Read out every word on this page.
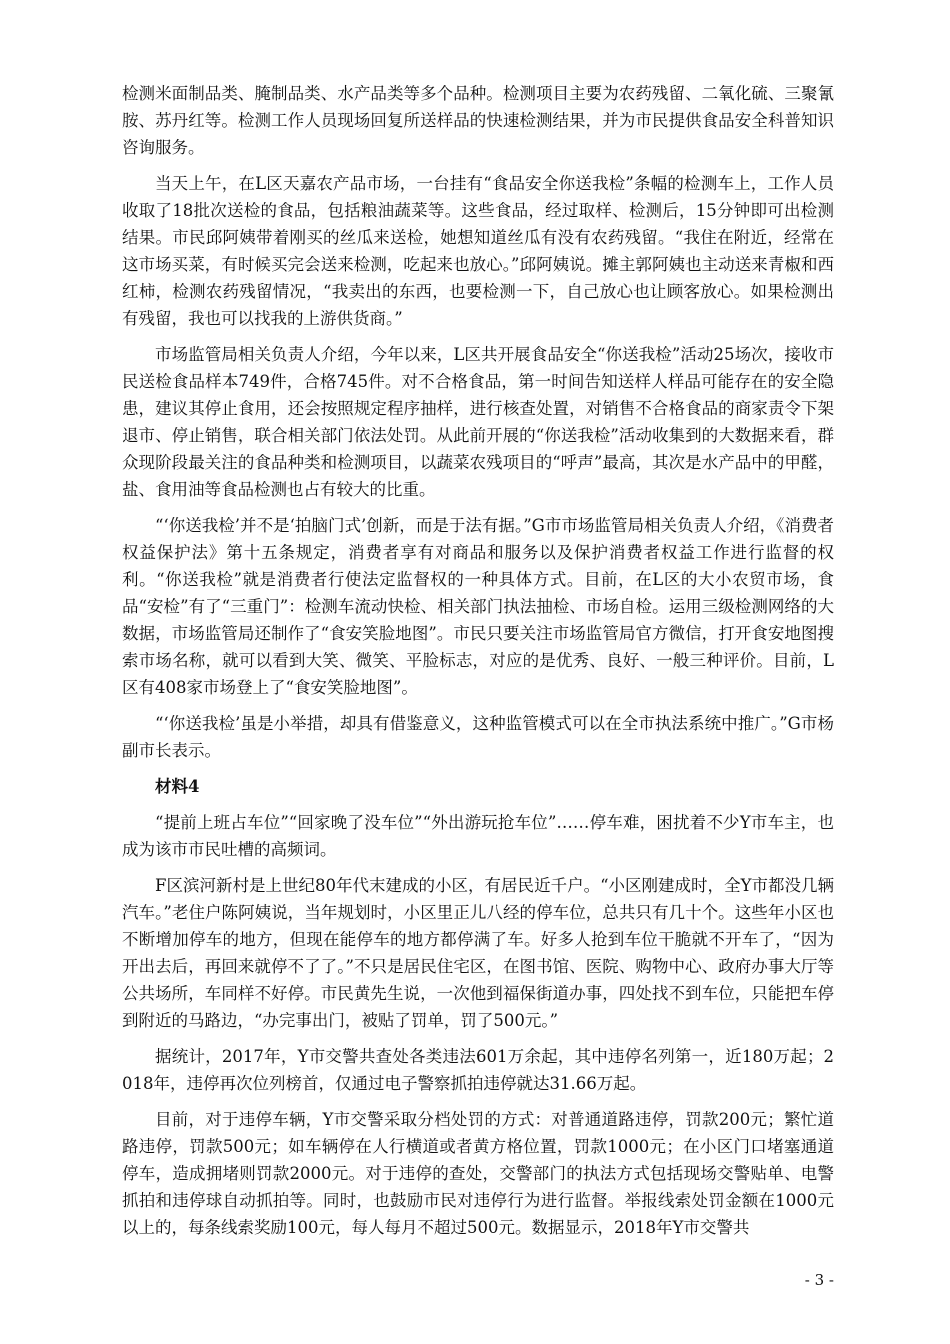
检测米面制品类、腌制品类、水产品类等多个品种。检测项目主要为农药残留、二氧化硫、三聚氰胺、苏丹红等。检测工作人员现场回复所送样品的快速检测结果，并为市民提供食品安全科普知识咨询服务。

当天上午，在L区天嘉农产品市场，一台挂有“食品安全你送我检”条幅的检测车上，工作人员收取了18批次送检的食品，包括粮油蔬菜等。这些食品，经过取样、检测后，15分钟即可出检测结果。市民邱阿姨带着刚买的丝瓜来送检，她想知道丝瓜有没有农药残留。“我住在附近，经常在这市场买菜，有时候买完会送来检测，吃起来也放心。”邱阿姨说。摊主郭阿姨也主动送来青椒和西红柿，检测农药残留情况，“我卖出的东西，也要检测一下，自己放心也让顾客放心。如果检测出有残留，我也可以找我的上游供货商。”

市场监管局相关负责人介绍，今年以来，L区共开展食品安全“你送我检”活动25场次，接收市民送检食品样本749件，合格745件。对不合格食品，第一时间告知送样人样品可能存在的安全隐患，建议其停止食用，还会按照规定程序抽样，进行核查处置，对销售不合格食品的商家责令下架退市、停止销售，联合相关部门依法处罚。从此前开展的“你送我检”活动收集到的大数据来看，群众现阶段最关注的食品种类和检测项目，以蔬菜农残项目的“呼声”最高，其次是水产品中的甲醛，盐、食用油等食品检测也占有较大的比重。

“‘你送我检’并不是‘拍脑门式’创新，而是于法有据。”G市市场监管局相关负责人介绍，《消费者权益保护法》第十五条规定，消费者享有对商品和服务以及保护消费者权益工作进行监督的权利。“你送我检”就是消费者行使法定监督权的一种具体方式。目前，在L区的大小农贸市场，食品“安检”有了“三重门”：检测车流动快检、相关部门执法抽检、市场自检。运用三级检测网络的大数据，市场监管局还制作了“食安笑脸地图”。市民只要关注市场监管局官方微信，打开食安地图搜索市场名称，就可以看到大笑、微笑、平脸标志，对应的是优秀、良好、一般三种评价。目前，L区有408家市场登上了“食安笑脸地图”。

“‘你送我检’虽是小举措，却具有借鉴意义，这种监管模式可以在全市执法系统中推广。”G市杨副市长表示。

材料4

“提前上班占车位”“回家晚了没车位”“外出游玩抢车位”……停车难，困扰着不少Y市车主，也成为该市市民吐槽的高频词。

F区滨河新村是上世纪80年代末建成的小区，有居民近千户。“小区刚建成时，全Y市都没几辆汽车。”老住户陈阿姨说，当年规划时，小区里正儿八经的停车位，总共只有几十个。这些年小区也不断增加停车的地方，但现在能停车的地方都停满了车。好多人抢到车位干脆就不开车了，“因为开出去后，再回来就停不了了。”不只是居民住宅区，在图书馆、医院、购物中心、政府办事大厅等公共场所，车同样不好停。市民黄先生说，一次他到福保街道办事，四处找不到车位，只能把车停到附近的马路边，“办完事出门，被贴了罚单，罚了500元。”

据统计，2017年，Y市交警共查处各类违法601万余起，其中违停名列第一，近180万起；2018年，违停再次位列榜首，仅通过电子警察抓拍违停就达31.66万起。

目前，对于违停车辆，Y市交警采取分档处罚的方式：对普通道路违停，罚款200元；繁忙道路违停，罚款500元；如车辆停在人行横道或者黄方格位置，罚款1000元；在小区门口堵塞通道停车，造成拥堵则罚款2000元。对于违停的查处，交警部门的执法方式包括现场交警贴单、电警抓拍和违停球自动抓拍等。同时，也鼓励市民对违停行为进行监督。举报线索处罚金额在1000元以上的，每条线索奖励100元，每人每月不超过500元。数据显示，2018年Y市交警共

- 3 -
